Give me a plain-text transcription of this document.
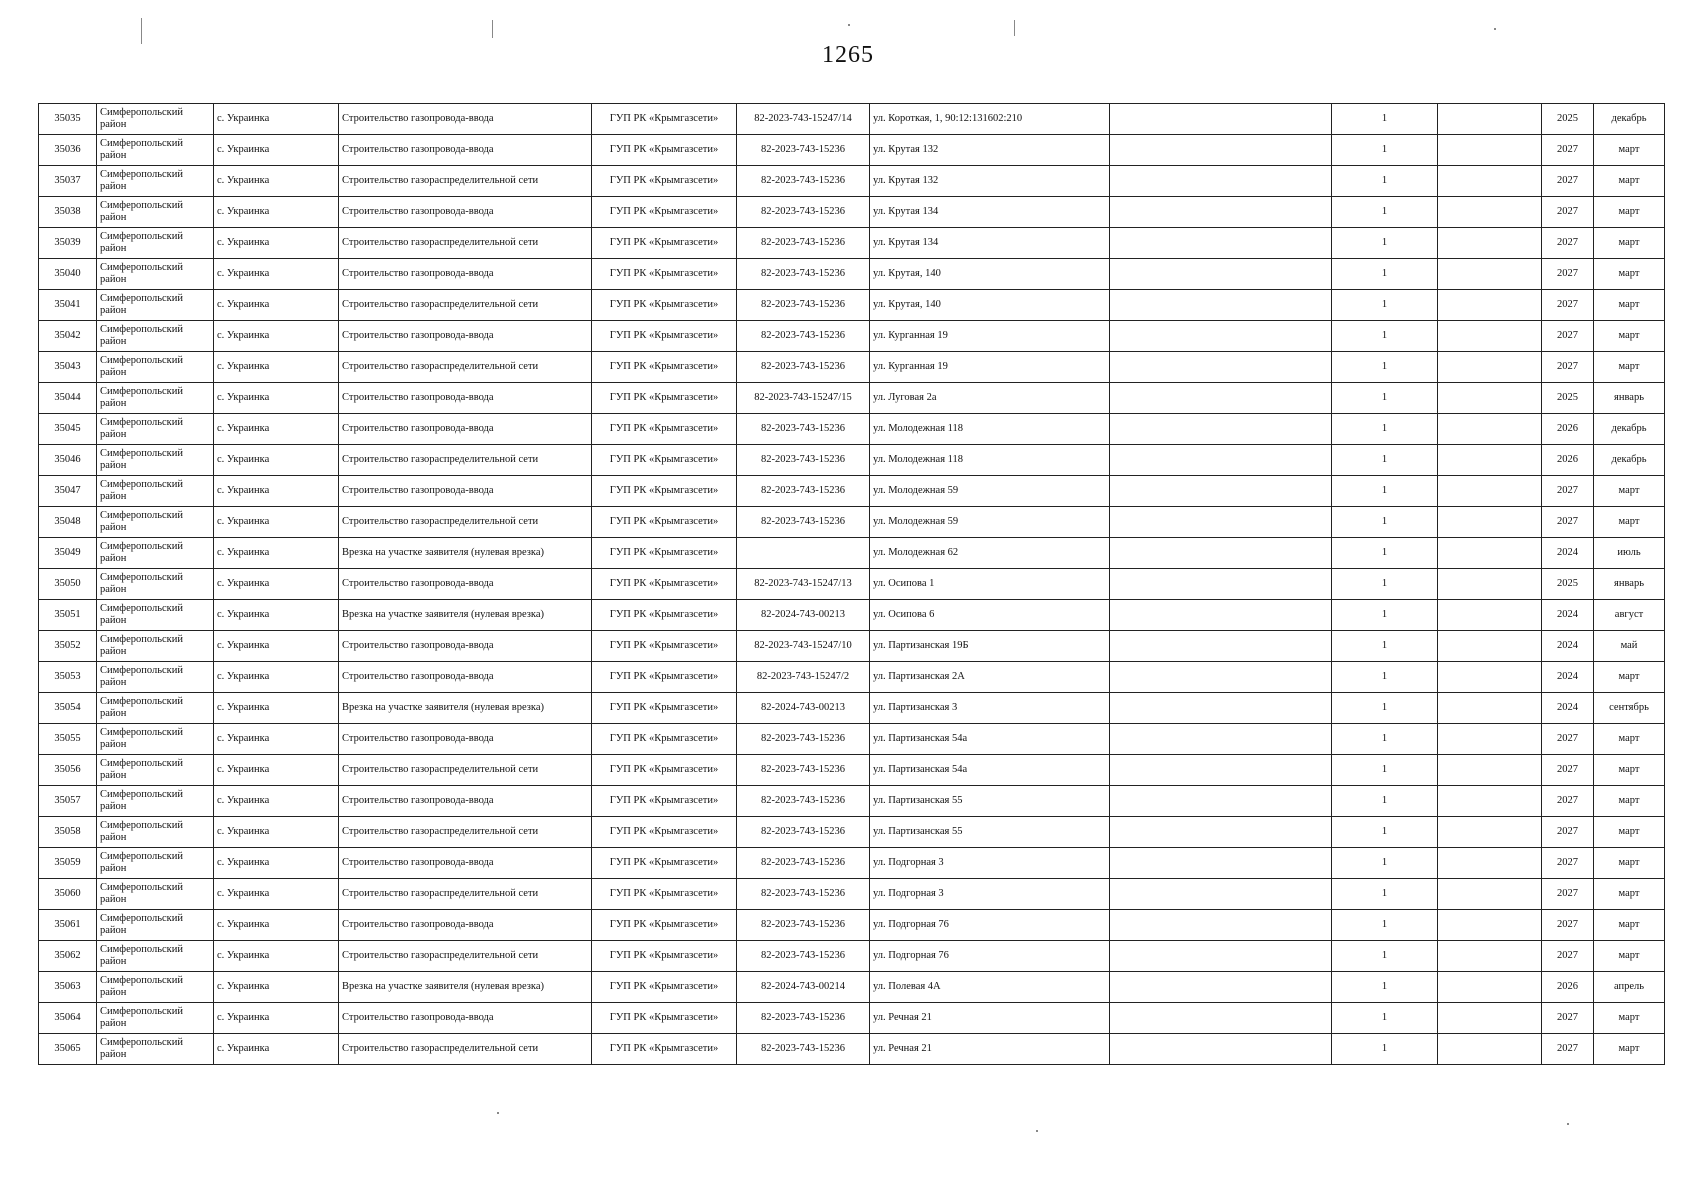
1265
35035	Симферопольский район	с. Украинка	Строительство газопровода-ввода	ГУП РК «Крымгазсети»	82-2023-743-15247/14	ул. Короткая, 1, 90:12:131602:210		1		2025	декабрь
35036	Симферопольский район	с. Украинка	Строительство газопровода-ввода	ГУП РК «Крымгазсети»	82-2023-743-15236	ул. Крутая 132		1		2027	март
35037	Симферопольский район	с. Украинка	Строительство газораспределительной сети	ГУП РК «Крымгазсети»	82-2023-743-15236	ул. Крутая 132		1		2027	март
35038	Симферопольский район	с. Украинка	Строительство газопровода-ввода	ГУП РК «Крымгазсети»	82-2023-743-15236	ул. Крутая 134		1		2027	март
35039	Симферопольский район	с. Украинка	Строительство газораспределительной сети	ГУП РК «Крымгазсети»	82-2023-743-15236	ул. Крутая 134		1		2027	март
35040	Симферопольский район	с. Украинка	Строительство газопровода-ввода	ГУП РК «Крымгазсети»	82-2023-743-15236	ул. Крутая, 140		1		2027	март
35041	Симферопольский район	с. Украинка	Строительство газораспределительной сети	ГУП РК «Крымгазсети»	82-2023-743-15236	ул. Крутая, 140		1		2027	март
35042	Симферопольский район	с. Украинка	Строительство газопровода-ввода	ГУП РК «Крымгазсети»	82-2023-743-15236	ул. Курганная 19		1		2027	март
35043	Симферопольский район	с. Украинка	Строительство газораспределительной сети	ГУП РК «Крымгазсети»	82-2023-743-15236	ул. Курганная 19		1		2027	март
35044	Симферопольский район	с. Украинка	Строительство газопровода-ввода	ГУП РК «Крымгазсети»	82-2023-743-15247/15	ул. Луговая 2а		1		2025	январь
35045	Симферопольский район	с. Украинка	Строительство газопровода-ввода	ГУП РК «Крымгазсети»	82-2023-743-15236	ул. Молодежная 118		1		2026	декабрь
35046	Симферопольский район	с. Украинка	Строительство газораспределительной сети	ГУП РК «Крымгазсети»	82-2023-743-15236	ул. Молодежная 118		1		2026	декабрь
35047	Симферопольский район	с. Украинка	Строительство газопровода-ввода	ГУП РК «Крымгазсети»	82-2023-743-15236	ул. Молодежная 59		1		2027	март
35048	Симферопольский район	с. Украинка	Строительство газораспределительной сети	ГУП РК «Крымгазсети»	82-2023-743-15236	ул. Молодежная 59		1		2027	март
35049	Симферопольский район	с. Украинка	Врезка на участке заявителя (нулевая врезка)	ГУП РК «Крымгазсети»		ул. Молодежная 62		1		2024	июль
35050	Симферопольский район	с. Украинка	Строительство газопровода-ввода	ГУП РК «Крымгазсети»	82-2023-743-15247/13	ул. Осипова 1		1		2025	январь
35051	Симферопольский район	с. Украинка	Врезка на участке заявителя (нулевая врезка)	ГУП РК «Крымгазсети»	82-2024-743-00213	ул. Осипова 6		1		2024	август
35052	Симферопольский район	с. Украинка	Строительство газопровода-ввода	ГУП РК «Крымгазсети»	82-2023-743-15247/10	ул. Партизанская 19Б		1		2024	май
35053	Симферопольский район	с. Украинка	Строительство газопровода-ввода	ГУП РК «Крымгазсети»	82-2023-743-15247/2	ул. Партизанская 2А		1		2024	март
35054	Симферопольский район	с. Украинка	Врезка на участке заявителя (нулевая врезка)	ГУП РК «Крымгазсети»	82-2024-743-00213	ул. Партизанская 3		1		2024	сентябрь
35055	Симферопольский район	с. Украинка	Строительство газопровода-ввода	ГУП РК «Крымгазсети»	82-2023-743-15236	ул. Партизанская 54а		1		2027	март
35056	Симферопольский район	с. Украинка	Строительство газораспределительной сети	ГУП РК «Крымгазсети»	82-2023-743-15236	ул. Партизанская 54а		1		2027	март
35057	Симферопольский район	с. Украинка	Строительство газопровода-ввода	ГУП РК «Крымгазсети»	82-2023-743-15236	ул. Партизанская 55		1		2027	март
35058	Симферопольский район	с. Украинка	Строительство газораспределительной сети	ГУП РК «Крымгазсети»	82-2023-743-15236	ул. Партизанская 55		1		2027	март
35059	Симферопольский район	с. Украинка	Строительство газопровода-ввода	ГУП РК «Крымгазсети»	82-2023-743-15236	ул. Подгорная 3		1		2027	март
35060	Симферопольский район	с. Украинка	Строительство газораспределительной сети	ГУП РК «Крымгазсети»	82-2023-743-15236	ул. Подгорная 3		1		2027	март
35061	Симферопольский район	с. Украинка	Строительство газопровода-ввода	ГУП РК «Крымгазсети»	82-2023-743-15236	ул. Подгорная 76		1		2027	март
35062	Симферопольский район	с. Украинка	Строительство газораспределительной сети	ГУП РК «Крымгазсети»	82-2023-743-15236	ул. Подгорная 76		1		2027	март
35063	Симферопольский район	с. Украинка	Врезка на участке заявителя (нулевая врезка)	ГУП РК «Крымгазсети»	82-2024-743-00214	ул. Полевая 4А		1		2026	апрель
35064	Симферопольский район	с. Украинка	Строительство газопровода-ввода	ГУП РК «Крымгазсети»	82-2023-743-15236	ул. Речная 21		1		2027	март
35065	Симферопольский район	с. Украинка	Строительство газораспределительной сети	ГУП РК «Крымгазсети»	82-2023-743-15236	ул. Речная 21		1		2027	март
